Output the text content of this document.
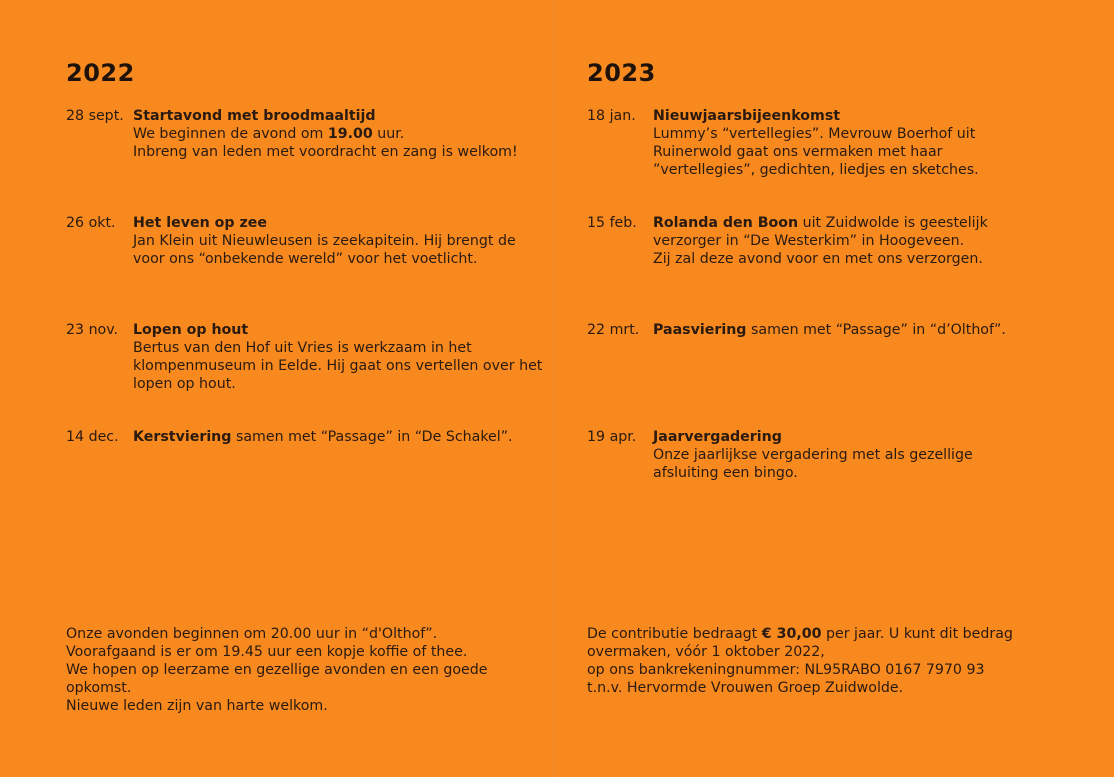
2022
28 sept. Startavond met broodmaaltijd
We beginnen de avond om 19.00 uur.
Inbreng van leden met voordracht en zang is welkom!
26 okt.	Het leven op zee
Jan Klein uit Nieuwleusen is zeekapitein. Hij brengt de voor ons “onbekende wereld” voor het voetlicht.
23 nov.	Lopen op hout
Bertus van den Hof uit Vries is werkzaam in het klompenmuseum in Eelde. Hij gaat ons vertellen over het lopen op hout.
14 dec.	Kerstviering samen met “Passage” in “De Schakel”.
Onze avonden beginnen om 20.00 uur in “d'Olthof”.
Voorafgaand is er om 19.45 uur een kopje koffie of thee.
We hopen op leerzame en gezellige avonden en een goede opkomst.
Nieuwe leden zijn van harte welkom.
2023
18 jan.	Nieuwjaarsbijeenkomst
Lummy’s “vertellegies”. Mevrouw Boerhof uit Ruinerwold gaat ons vermaken met haar ”vertellegies”, gedichten, liedjes en sketches.
15 feb.	Rolanda den Boon uit Zuidwolde is geestelijk verzorger in “De Westerkim” in Hoogeveen.
Zij zal deze avond voor en met ons verzorgen.
22 mrt. Paasviering samen met “Passage” in “d’Olthof”.
19 apr.	Jaarvergadering
Onze jaarlijkse vergadering met als gezellige afsluiting een bingo.
De contributie bedraagt € 30,00 per jaar. U kunt dit bedrag overmaken, vóór 1 oktober 2022,
op ons bankrekeningnummer: NL95RABO 0167 7970 93
t.n.v. Hervormde Vrouwen Groep Zuidwolde.
